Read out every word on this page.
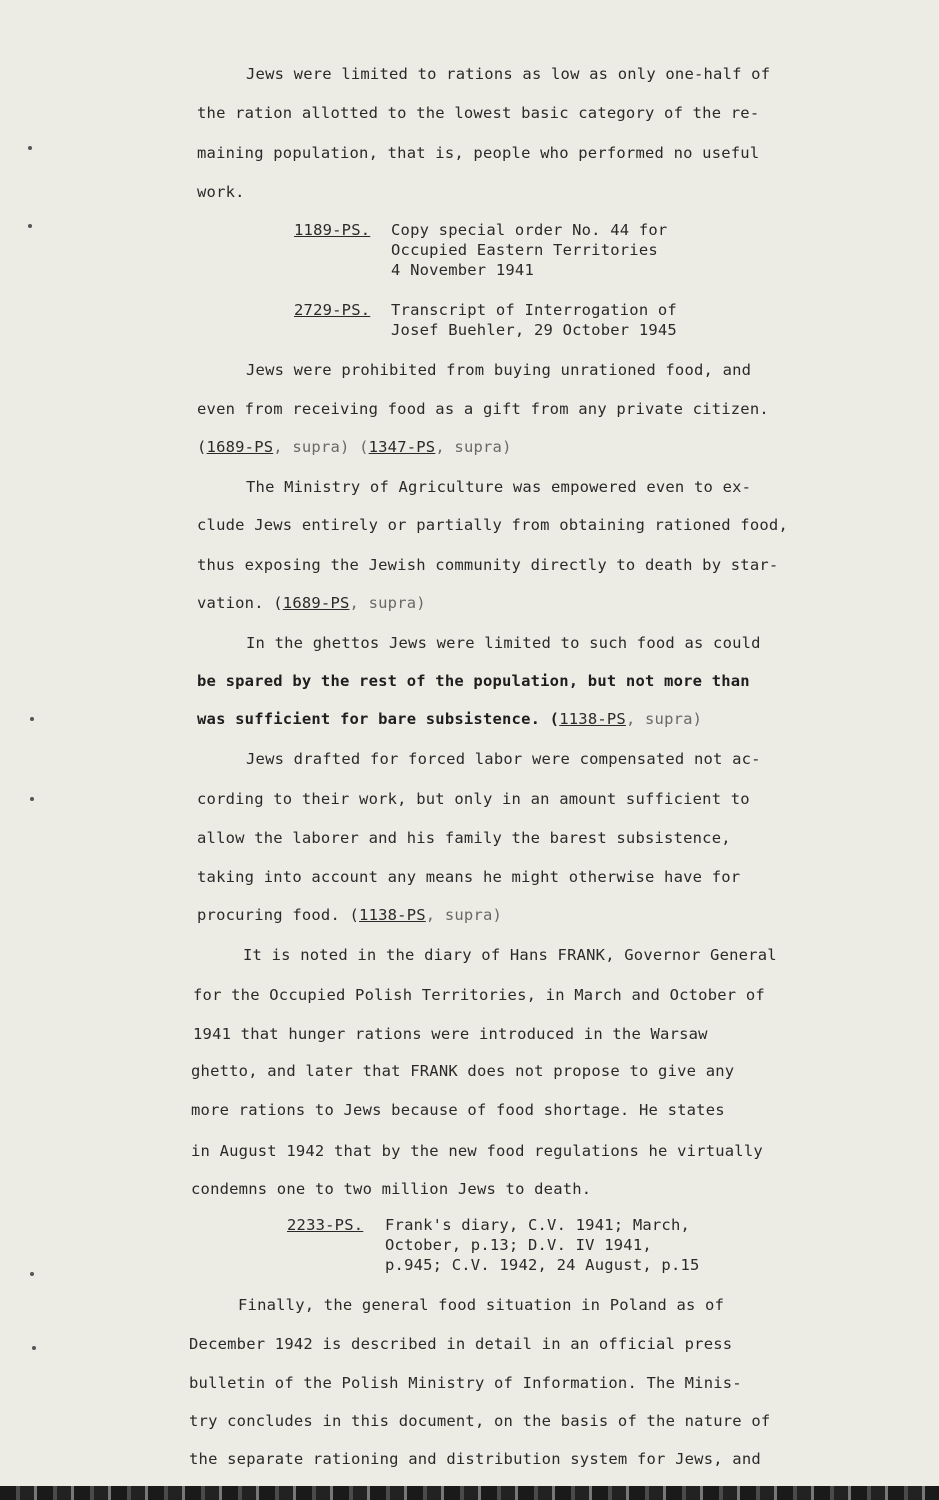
Jews were limited to rations as low as only one-half of
the ration allotted to the lowest basic category of the re-
maining population, that is, people who performed no useful
work.
1189-PS. Copy special order No. 44 for
Occupied Eastern Territories
4 November 1941
2729-PS. Transcript of Interrogation of
Josef Buehler, 29 October 1945
Jews were prohibited from buying unrationed food, and
even from receiving food as a gift from any private citizen.
(1689-PS, supra) (1347-PS, supra)
The Ministry of Agriculture was empowered even to ex-
clude Jews entirely or partially from obtaining rationed food,
thus exposing the Jewish community directly to death by star-
vation. (1689-PS, supra)
In the ghettos Jews were limited to such food as could
be spared by the rest of the population, but not more than
was sufficient for bare subsistence. (1138-PS, supra)
Jews drafted for forced labor were compensated not ac-
cording to their work, but only in an amount sufficient to
allow the laborer and his family the barest subsistence,
taking into account any means he might otherwise have for
procuring food. (1138-PS, supra)
It is noted in the diary of Hans FRANK, Governor General
for the Occupied Polish Territories, in March and October of
1941 that hunger rations were introduced in the Warsaw
ghetto, and later that FRANK does not propose to give any
more rations to Jews because of food shortage. He states
in August 1942 that by the new food regulations he virtually
condemns one to two million Jews to death.
2233-PS. Frank's diary, C.V. 1941; March,
October, p.13; D.V. IV 1941,
p.945; C.V. 1942, 24 August, p.15
Finally, the general food situation in Poland as of
December 1942 is described in detail in an official press
bulletin of the Polish Ministry of Information. The Minis-
try concludes in this document, on the basis of the nature of
the separate rationing and distribution system for Jews, and
